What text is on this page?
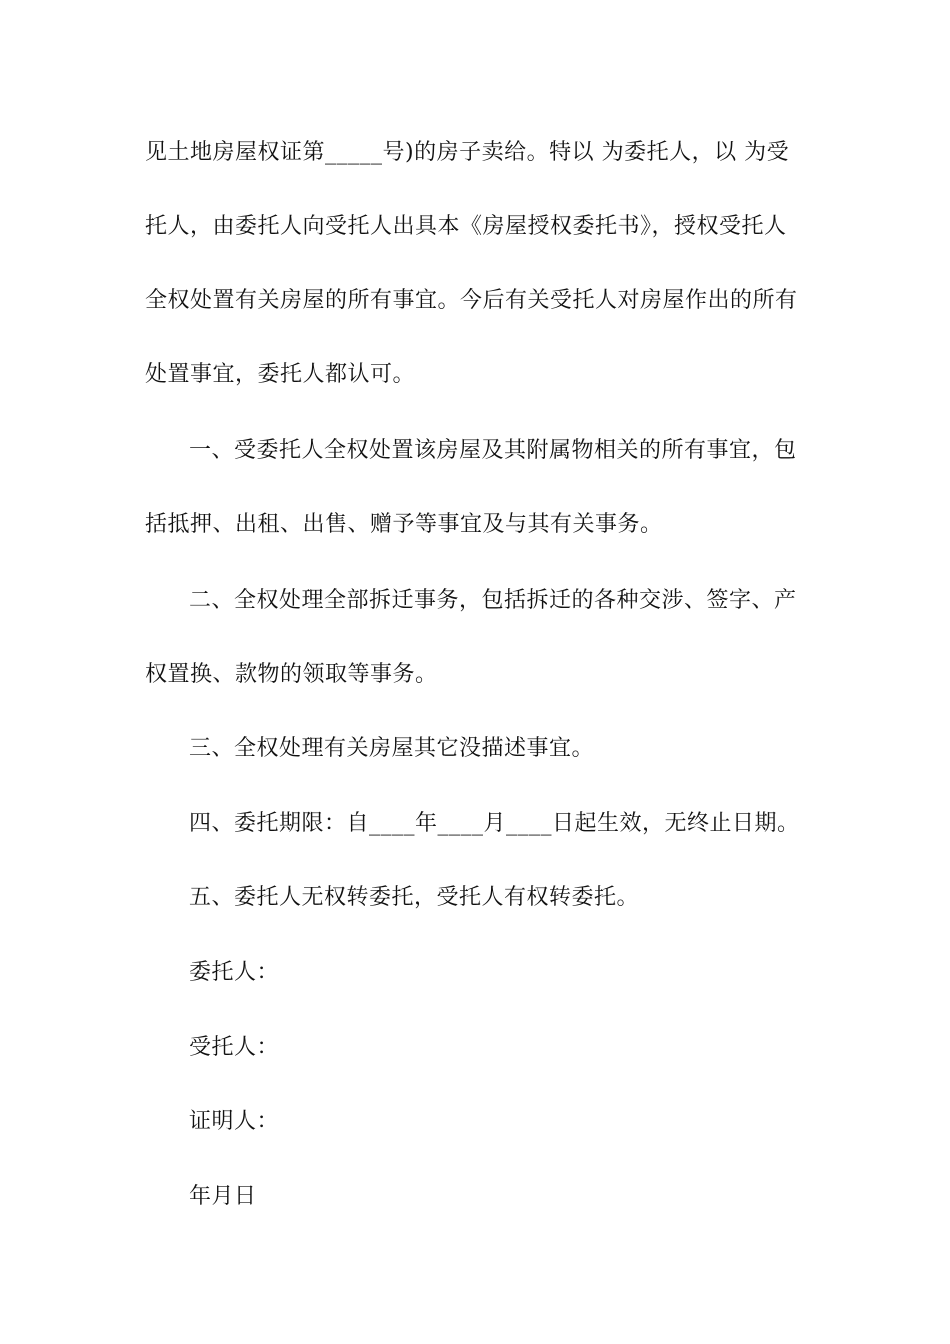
见土地房屋权证第_____号)的房子卖给。特以 为委托人，以 为受
托人，由委托人向受托人出具本《房屋授权委托书》，授权受托人
全权处置有关房屋的所有事宜。今后有关受托人对房屋作出的所有
处置事宜，委托人都认可。
一、受委托人全权处置该房屋及其附属物相关的所有事宜，包
括抵押、出租、出售、赠予等事宜及与其有关事务。
二、全权处理全部拆迁事务，包括拆迁的各种交涉、签字、产
权置换、款物的领取等事务。
三、全权处理有关房屋其它没描述事宜。
四、委托期限：自____年____月____日起生效，无终止日期。
五、委托人无权转委托，受托人有权转委托。
委托人：
受托人：
证明人：
年月日
